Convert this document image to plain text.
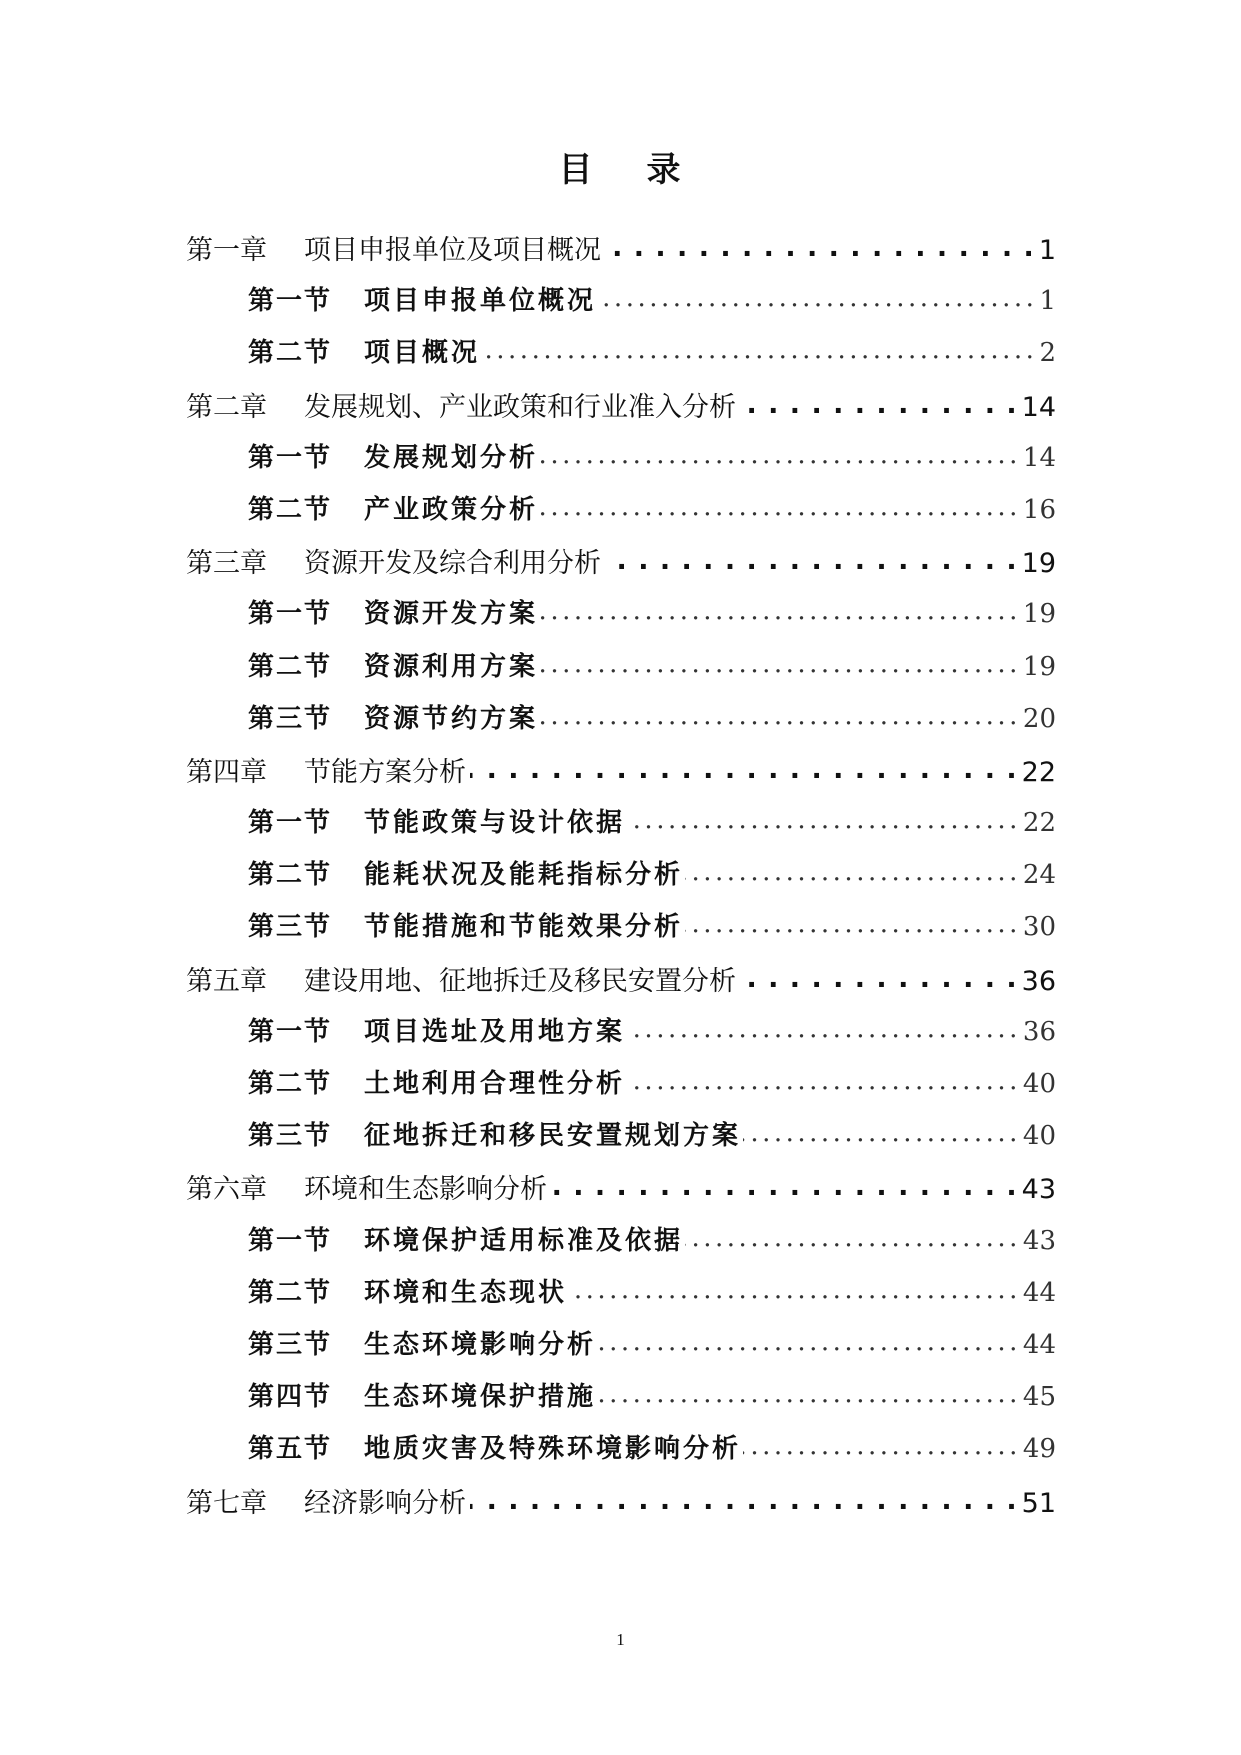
目 录
第一章	项目申报单位及项目概况 . . .	1
第一节	项目申报单位概况 .....	1
第二节	项目概况 .....	2
第二章	发展规划、产业政策和行业准入分析 . . .	14
第一节	发展规划分析 .....	14
第二节	产业政策分析 .....	16
第三章	资源开发及综合利用分析 . . .	19
第一节	资源开发方案 .....	19
第二节	资源利用方案 .....	19
第三节	资源节约方案 .....	20
第四章	节能方案分析 . . .	22
第一节	节能政策与设计依据 .....	22
第二节	能耗状况及能耗指标分析 .....	24
第三节	节能措施和节能效果分析 .....	30
第五章	建设用地、征地拆迁及移民安置分析 . . .	36
第一节	项目选址及用地方案 .....	36
第二节	土地利用合理性分析 .....	40
第三节	征地拆迁和移民安置规划方案 .....	40
第六章	环境和生态影响分析 . . .	43
第一节	环境保护适用标准及依据 .....	43
第二节	环境和生态现状 .....	44
第三节	生态环境影响分析 .....	44
第四节	生态环境保护措施 .....	45
第五节	地质灾害及特殊环境影响分析 .....	49
第七章	经济影响分析 . . .	51
1
